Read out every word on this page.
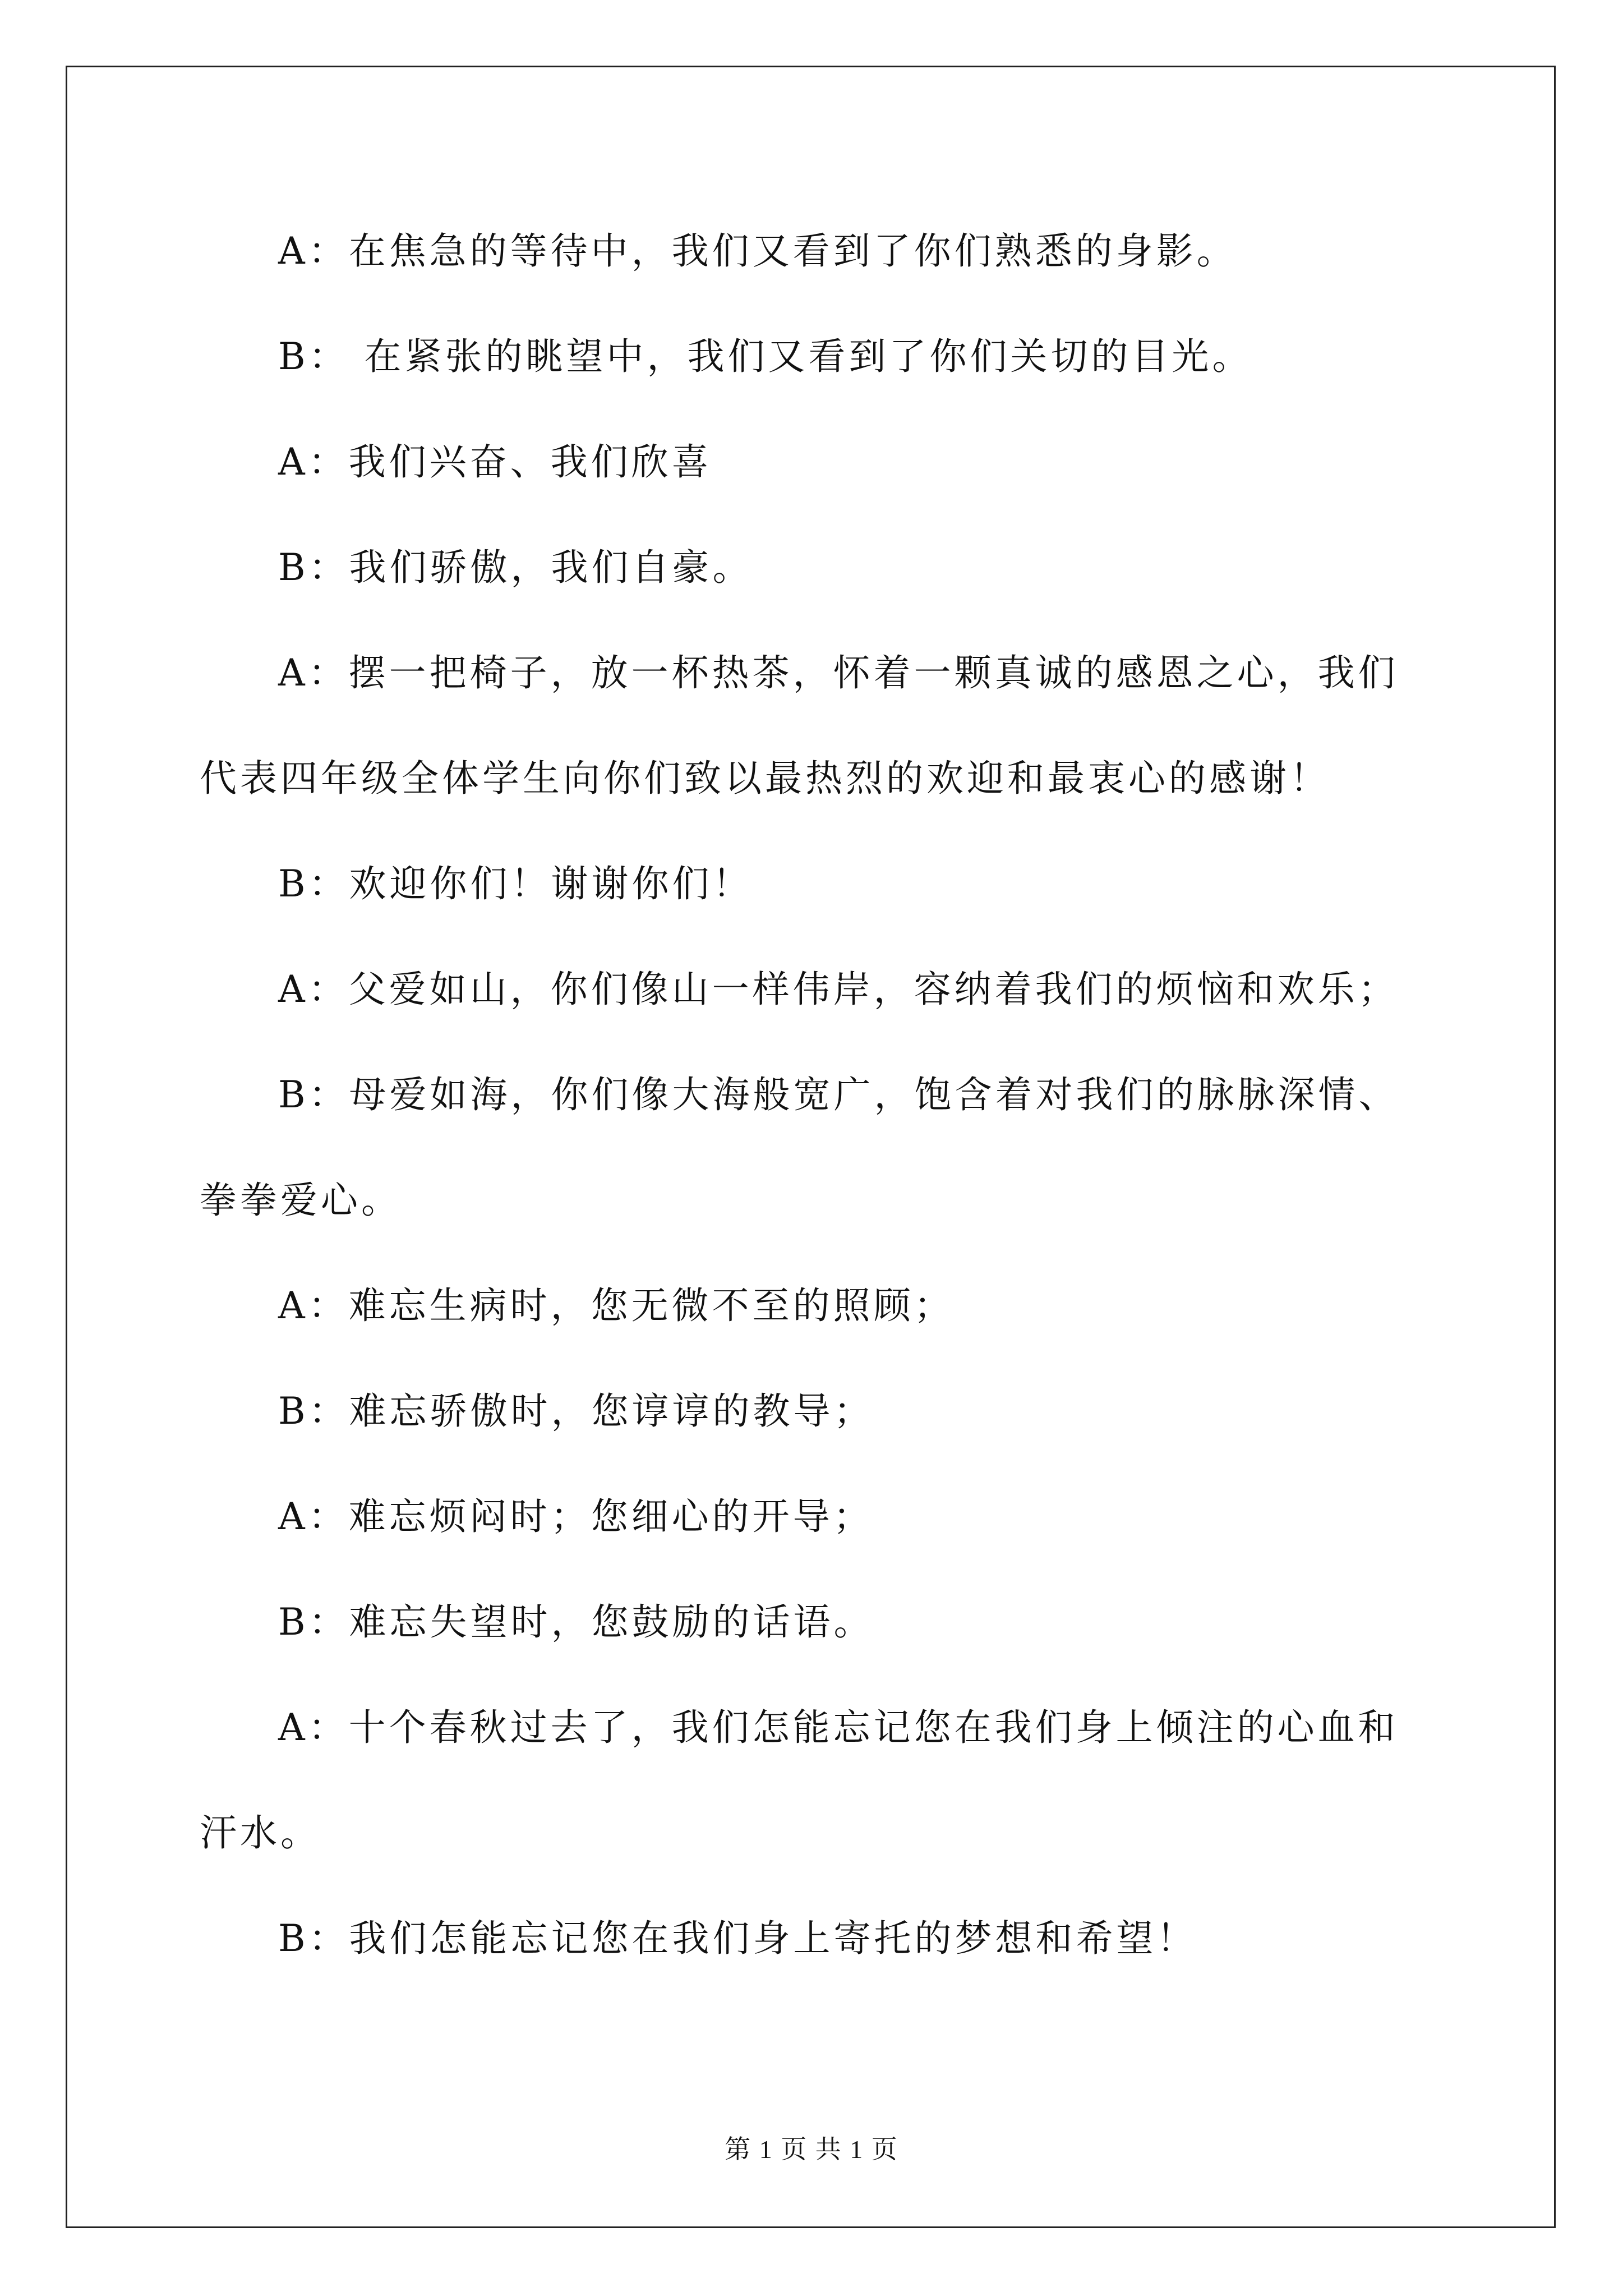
A：在焦急的等待中，我们又看到了你们熟悉的身影。
B： 在紧张的眺望中，我们又看到了你们关切的目光。
A：我们兴奋、我们欣喜
B：我们骄傲，我们自豪。
A：摆一把椅子，放一杯热茶，怀着一颗真诚的感恩之心，我们代表四年级全体学生向你们致以最热烈的欢迎和最衷心的感谢！
B：欢迎你们！谢谢你们！
A：父爱如山，你们像山一样伟岸，容纳着我们的烦恼和欢乐；
B：母爱如海，你们像大海般宽广，饱含着对我们的脉脉深情、拳拳爱心。
A：难忘生病时，您无微不至的照顾；
B：难忘骄傲时，您谆谆的教导；
A：难忘烦闷时；您细心的开导；
B：难忘失望时，您鼓励的话语。
A：十个春秋过去了，我们怎能忘记您在我们身上倾注的心血和汗水。
B：我们怎能忘记您在我们身上寄托的梦想和希望！
第 1 页 共 1 页
